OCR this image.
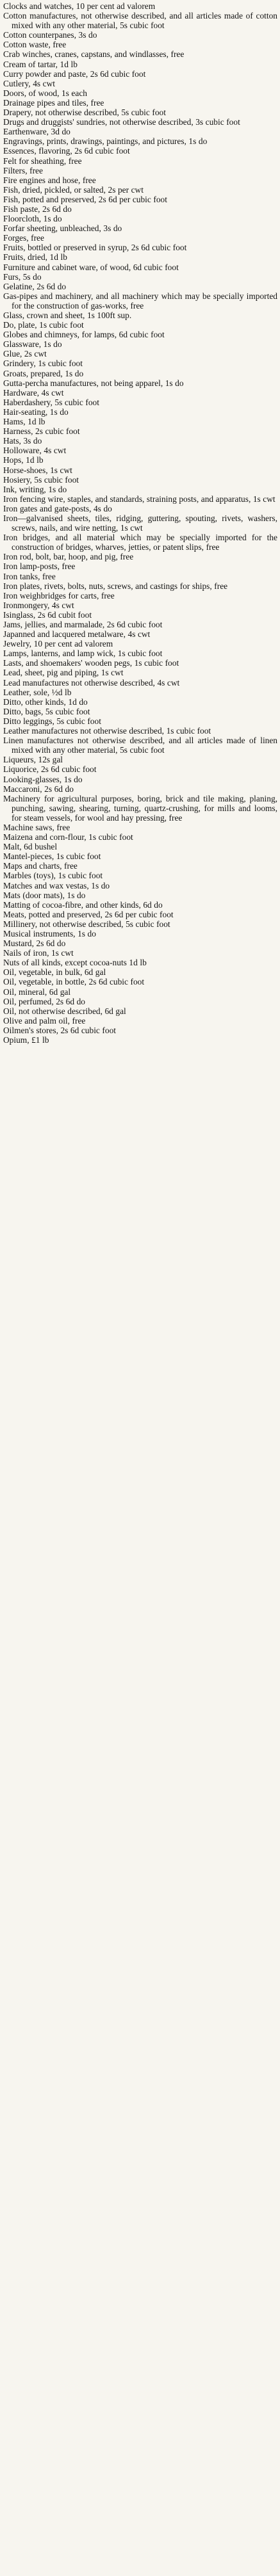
Clocks and watches, 10 per cent ad valorem

Cotton manufactures, not otherwise described, and all articles made of cotton mixed with any other material, 5s cubic foot

Cotton counterpanes, 3s do

Cotton waste, free

Crab winches, cranes, capstans, and windlasses, free

Cream of tartar, 1d lb

Curry powder and paste, 2s 6d cubic foot

Cutlery, 4s cwt

Doors, of wood, 1s each

Drainage pipes and tiles, free

Drapery, not otherwise described, 5s cubic foot

Drugs and druggists' sundries, not otherwise described, 3s cubic foot

Earthenware, 3d do

Engravings, prints, drawings, paintings, and pictures, 1s do

Essences, flavoring, 2s 6d cubic foot

Felt for sheathing, free

Filters, free

Fire engines and hose, free

Fish, dried, pickled, or salted, 2s per cwt

Fish, potted and preserved, 2s 6d per cubic foot

Fish paste, 2s 6d do

Floorcloth, 1s do

Forfar sheeting, unbleached, 3s do

Forges, free

Fruits, bottled or preserved in syrup, 2s 6d cubic foot

Fruits, dried, 1d lb

Furniture and cabinet ware, of wood, 6d cubic foot

Furs, 5s do

Gelatine, 2s 6d do

Gas-pipes and machinery, and all machinery which may be specially imported for the construction of gas-works, free

Glass, crown and sheet, 1s 100ft sup.

Do, plate, 1s cubic foot

Globes and chimneys, for lamps, 6d cubic foot

Glassware, 1s do

Glue, 2s cwt

Grindery, 1s cubic foot

Groats, prepared, 1s do

Gutta-percha manufactures, not being apparel, 1s do

Hardware, 4s cwt

Haberdashery, 5s cubic foot

Hair-seating, 1s do

Hams, 1d lb

Harness, 2s cubic foot

Hats, 3s do

Holloware, 4s cwt

Hops, 1d lb

Horse-shoes, 1s cwt

Hosiery, 5s cubic foot

Ink, writing, 1s do

Iron fencing wire, staples, and standards, straining posts, and apparatus, 1s cwt

Iron gates and gate-posts, 4s do

Iron—galvanised sheets, tiles, ridging, guttering, spouting, rivets, washers, screws, nails, and wire netting, 1s cwt

Iron bridges, and all material which may be specially imported for the construction of bridges, wharves, jetties, or patent slips, free

Iron rod, bolt, bar, hoop, and pig, free

Iron lamp-posts, free

Iron tanks, free

Iron plates, rivets, bolts, nuts, screws, and castings for ships, free

Iron weighbridges for carts, free

Ironmongery, 4s cwt

Isinglass, 2s 6d cubit foot

Jams, jellies, and marmalade, 2s 6d cubic foot

Japanned and lacquered metalware, 4s cwt

Jewelry, 10 per cent ad valorem

Lamps, lanterns, and lamp wick, 1s cubic foot

Lasts, and shoemakers' wooden pegs, 1s cubic foot

Lead, sheet, pig and piping, 1s cwt

Lead manufactures not otherwise described, 4s cwt

Leather, sole, ½d lb

Ditto, other kinds, 1d do

Ditto, bags, 5s cubic foot

Ditto leggings, 5s cubic foot

Leather manufactures not otherwise described, 1s cubic foot

Linen manufactures not otherwise described, and all articles made of linen mixed with any other material, 5s cubic foot

Liqueurs, 12s gal

Liquorice, 2s 6d cubic foot

Looking-glasses, 1s do

Maccaroni, 2s 6d do

Machinery for agricultural purposes, boring, brick and tile making, planing, punching, sawing, shearing, turning, quartz-crushing, for mills and looms, for steam vessels, for wool and hay pressing, free

Machine saws, free

Maizena and corn-flour, 1s cubic foot

Malt, 6d bushel

Mantel-pieces, 1s cubic foot

Maps and charts, free

Marbles (toys), 1s cubic foot

Matches and wax vestas, 1s do

Mats (door mats), 1s do

Matting of cocoa-fibre, and other kinds, 6d do

Meats, potted and preserved, 2s 6d per cubic foot

Millinery, not otherwise described, 5s cubic foot

Musical instruments, 1s do

Mustard, 2s 6d do

Nails of iron, 1s cwt

Nuts of all kinds, except cocoa-nuts 1d lb

Oil, vegetable, in bulk, 6d gal

Oil, vegetable, in bottle, 2s 6d cubic foot

Oil, mineral, 6d gal

Oil, perfumed, 2s 6d do

Oil, not otherwise described, 6d gal

Olive and palm oil, free

Oilmen's stores, 2s 6d cubic foot

Opium, £1 lb
